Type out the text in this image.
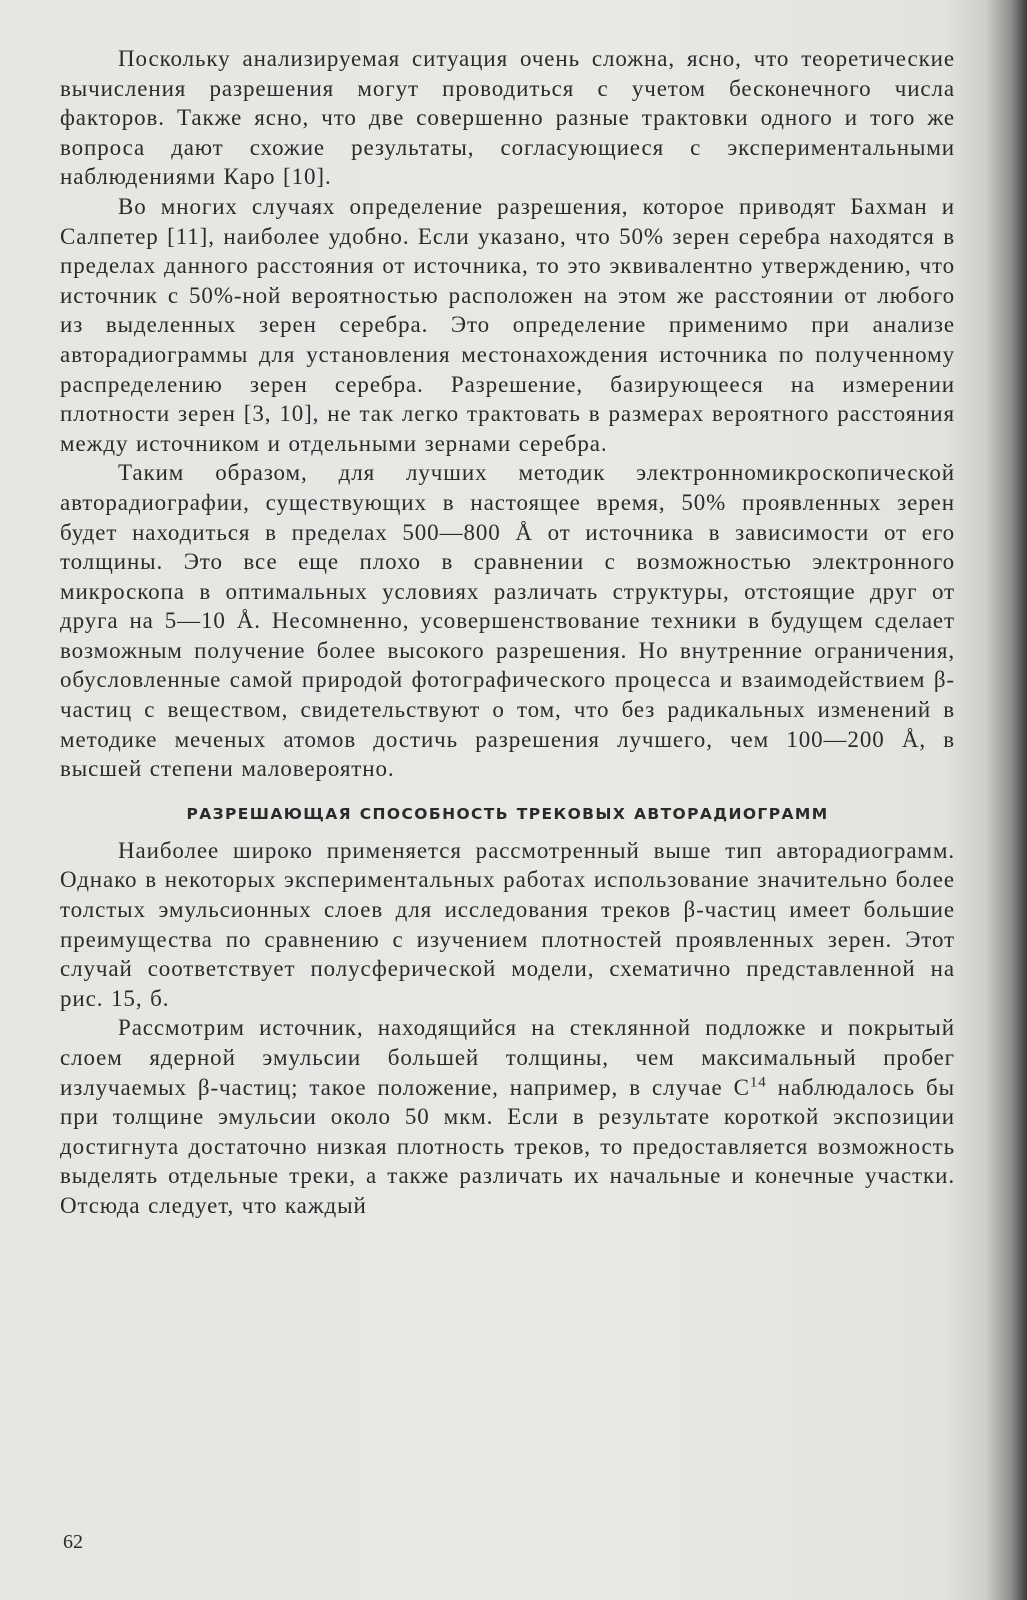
Поскольку анализируемая ситуация очень сложна, ясно, что теоретические вычисления разрешения могут проводиться с учетом бесконечного числа факторов. Также ясно, что две совершенно разные трактовки одного и того же вопроса дают схожие результаты, согласующиеся с экспериментальными наблюдениями Каро [10].

Во многих случаях определение разрешения, которое приводят Бахман и Салпетер [11], наиболее удобно. Если указано, что 50% зерен серебра находятся в пределах данного расстояния от источника, то это эквивалентно утверждению, что источник с 50%-ной вероятностью расположен на этом же расстоянии от любого из выделенных зерен серебра. Это определение применимо при анализе авторадиограммы для установления местонахождения источника по полученному распределению зерен серебра. Разрешение, базирующееся на измерении плотности зерен [3, 10], не так легко трактовать в размерах вероятного расстояния между источником и отдельными зернами серебра.

Таким образом, для лучших методик электронномикроскопической авторадиографии, существующих в настоящее время, 50% проявленных зерен будет находиться в пределах 500—800 Å от источника в зависимости от его толщины. Это все еще плохо в сравнении с возможностью электронного микроскопа в оптимальных условиях различать структуры, отстоящие друг от друга на 5—10 Å. Несомненно, усовершенствование техники в будущем сделает возможным получение более высокого разрешения. Но внутренние ограничения, обусловленные самой природой фотографического процесса и взаимодействием β-частиц с веществом, свидетельствуют о том, что без радикальных изменений в методике меченых атомов достичь разрешения лучшего, чем 100—200 Å, в высшей степени маловероятно.

РАЗРЕШАЮЩАЯ СПОСОБНОСТЬ ТРЕКОВЫХ АВТОРАДИОГРАММ

Наиболее широко применяется рассмотренный выше тип авторадиограмм. Однако в некоторых экспериментальных работах использование значительно более толстых эмульсионных слоев для исследования треков β-частиц имеет большие преимущества по сравнению с изучением плотностей проявленных зерен. Этот случай соответствует полусферической модели, схематично представленной на рис. 15, б.

Рассмотрим источник, находящийся на стеклянной подложке и покрытый слоем ядерной эмульсии большей толщины, чем максимальный пробег излучаемых β-частиц; такое положение, например, в случае $С^{14}$ наблюдалось бы при толщине эмульсии около 50 мкм. Если в результате короткой экспозиции достигнута достаточно низкая плотность треков, то предоставляется возможность выделять отдельные треки, а также различать их начальные и конечные участки. Отсюда следует, что каждый

62
